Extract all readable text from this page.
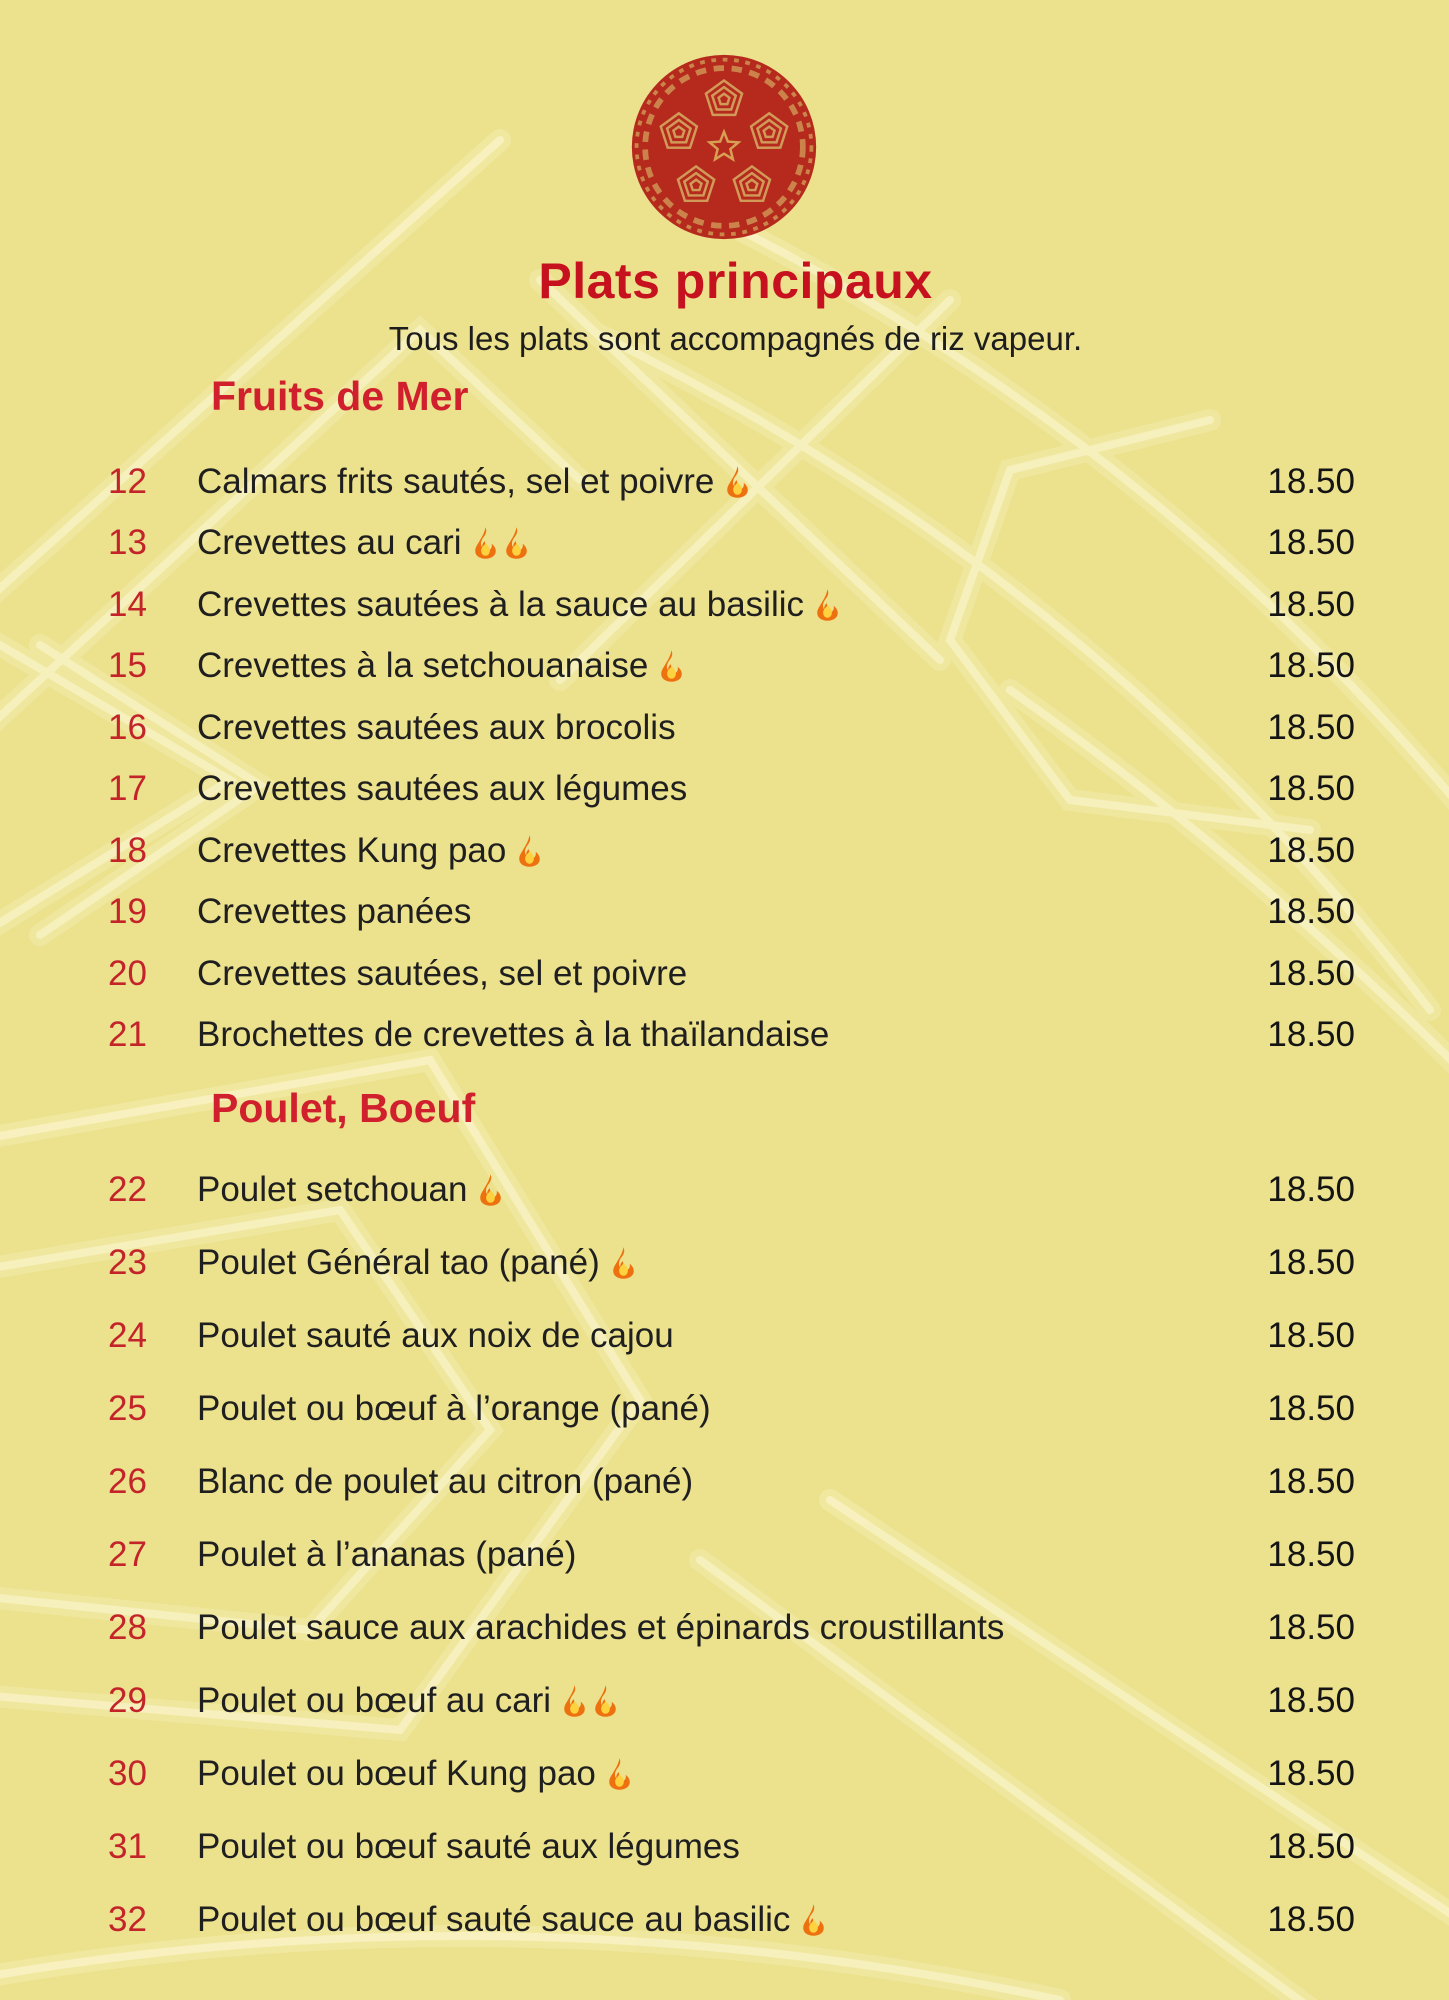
Plats principaux
Tous les plats sont accompagnés de riz vapeur.
Fruits de Mer
12	Calmars frits sautés, sel et poivre	18.50
13	Crevettes au cari	18.50
14	Crevettes sautées à la sauce au basilic	18.50
15	Crevettes à la setchouanaise	18.50
16	Crevettes sautées aux brocolis	18.50
17	Crevettes sautées aux légumes	18.50
18	Crevettes Kung pao	18.50
19	Crevettes panées	18.50
20	Crevettes sautées, sel et poivre	18.50
21	Brochettes de crevettes à la thaïlandaise	18.50
Poulet, Boeuf
22	Poulet setchouan	18.50
23	Poulet Général tao (pané)	18.50
24	Poulet sauté aux noix de cajou	18.50
25	Poulet ou bœuf à l’orange (pané)	18.50
26	Blanc de poulet au citron (pané)	18.50
27	Poulet à l’ananas (pané)	18.50
28	Poulet sauce aux arachides et épinards croustillants	18.50
29	Poulet ou bœuf au cari	18.50
30	Poulet ou bœuf Kung pao	18.50
31	Poulet ou bœuf sauté aux légumes	18.50
32	Poulet ou bœuf sauté sauce au basilic	18.50
